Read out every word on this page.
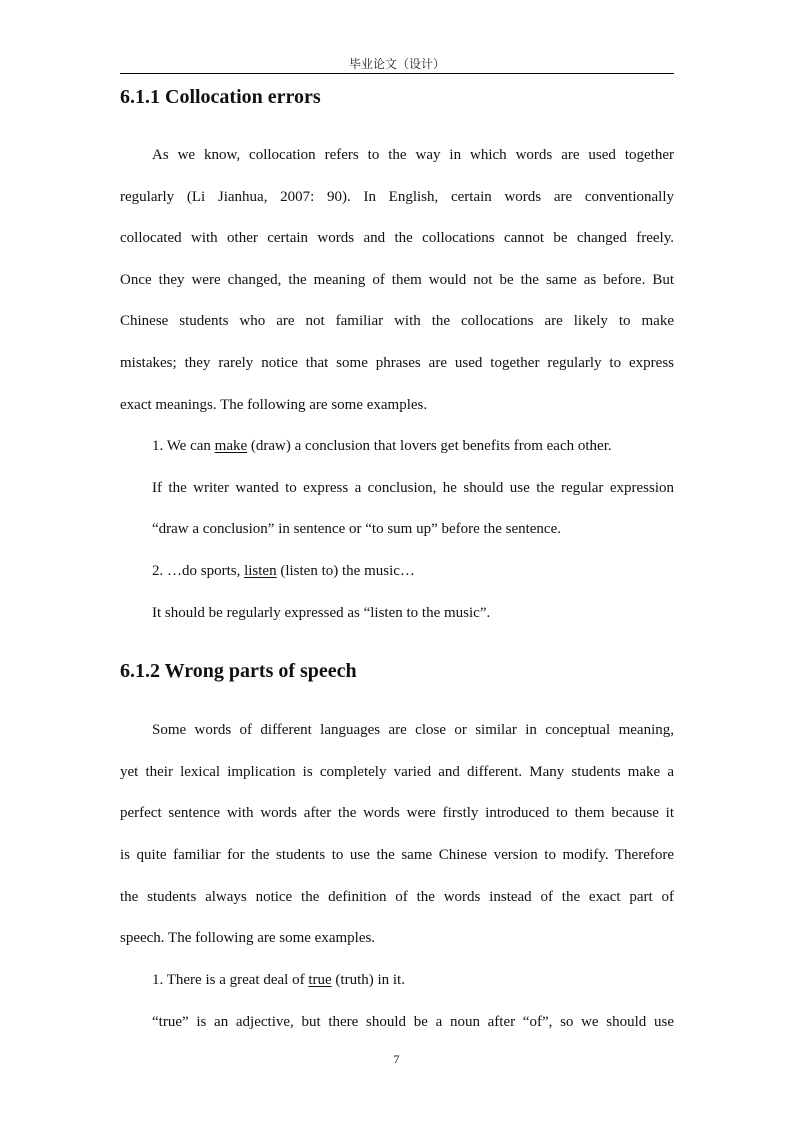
毕业论文（设计）
6.1.1 Collocation errors
As we know, collocation refers to the way in which words are used together
regularly (Li Jianhua, 2007: 90). In English, certain words are conventionally
collocated with other certain words and the collocations cannot be changed freely.
Once they were changed, the meaning of them would not be the same as before. But
Chinese students who are not familiar with the collocations are likely to make
mistakes; they rarely notice that some phrases are used together regularly to express
exact meanings. The following are some examples.
1. We can make (draw) a conclusion that lovers get benefits from each other.
If the writer wanted to express a conclusion, he should use the regular expression
“draw a conclusion” in sentence or “to sum up” before the sentence.
2. …do sports, listen (listen to) the music…
It should be regularly expressed as “listen to the music”.
6.1.2 Wrong parts of speech
Some words of different languages are close or similar in conceptual meaning,
yet their lexical implication is completely varied and different. Many students make a
perfect sentence with words after the words were firstly introduced to them because it
is quite familiar for the students to use the same Chinese version to modify. Therefore
the students always notice the definition of the words instead of the exact part of
speech. The following are some examples.
1. There is a great deal of true (truth) in it.
“true” is an adjective, but there should be a noun after “of”, so we should use
7
